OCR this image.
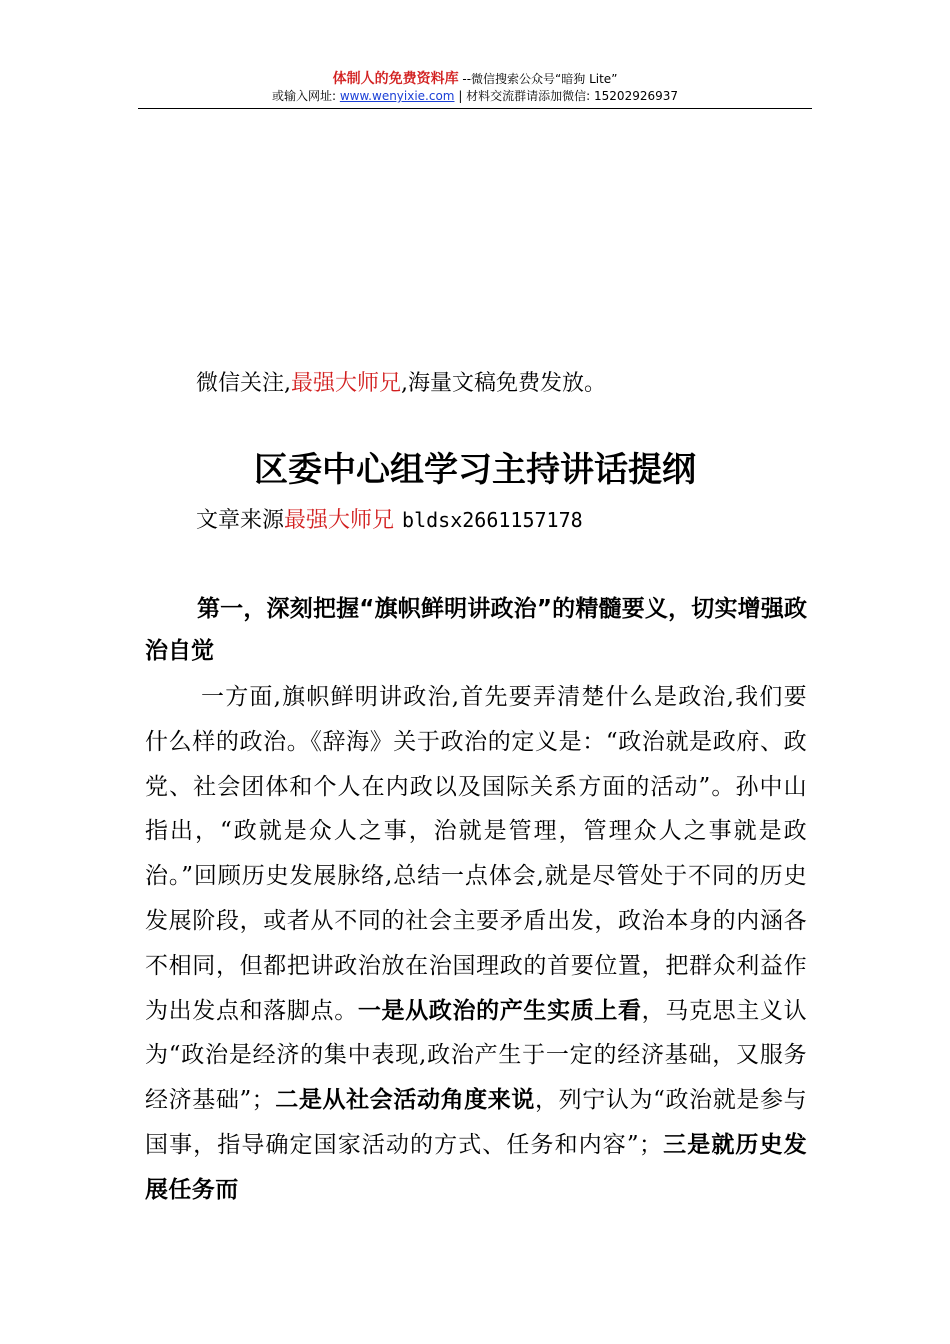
体制人的免费资料库 --微信搜索公众号“暗狗 Lite”
或输入网址: www.wenyixie.com | 材料交流群请添加微信: 15202926937
微信关注,最强大师兄,海量文稿免费发放。
区委中心组学习主持讲话提纲
文章来源最强大师兄 bldsx2661157178
第一，深刻把握“旗帜鲜明讲政治”的精髓要义，切实增强政治自觉
一方面,旗帜鲜明讲政治,首先要弄清楚什么是政治,我们要什么样的政治。《辞海》关于政治的定义是：“政治就是政府、政党、社会团体和个人在内政以及国际关系方面的活动”。孙中山指出，“政就是众人之事，治就是管理，管理众人之事就是政治。”回顾历史发展脉络,总结一点体会,就是尽管处于不同的历史发展阶段，或者从不同的社会主要矛盾出发，政治本身的内涵各不相同，但都把讲政治放在治国理政的首要位置，把群众利益作为出发点和落脚点。一是从政治的产生实质上看，马克思主义认为“政治是经济的集中表现,政治产生于一定的经济基础，又服务经济基础”；二是从社会活动角度来说，列宁认为“政治就是参与国事，指导确定国家活动的方式、任务和内容”；三是就历史发展任务而
